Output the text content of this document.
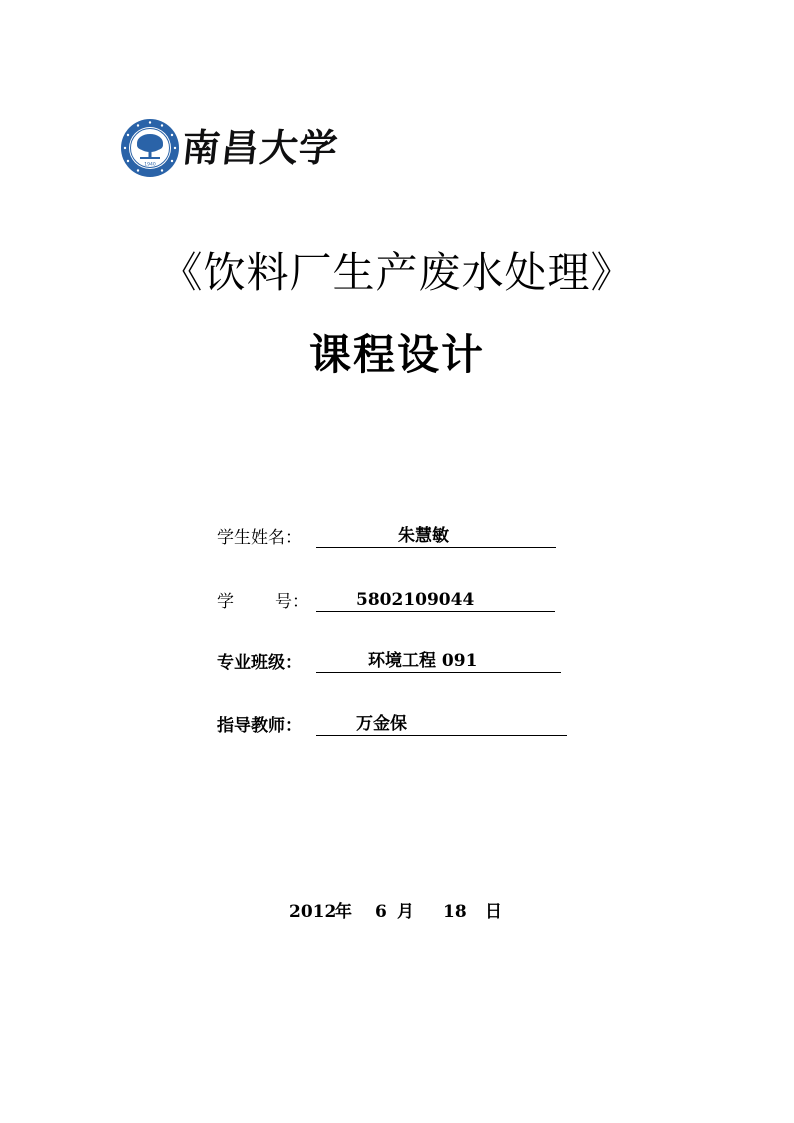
1940 南昌大学
《饮料厂生产废水处理》
课程设计
学生姓名：	朱慧敏
学 号：	5802109044
专业班级：	环境工程 091
指导教师：	万金保
2012
年 6 月 18 日
